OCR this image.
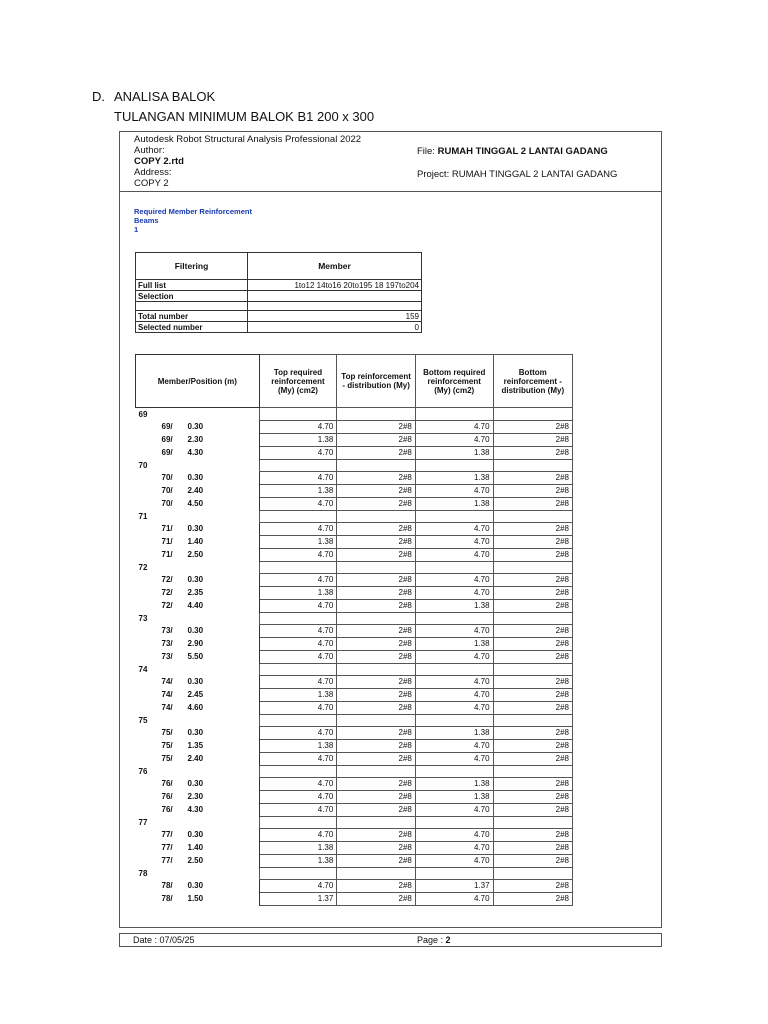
D. ANALISA BALOK
TULANGAN MINIMUM BALOK B1 200 x 300
Autodesk Robot Structural Analysis Professional 2022
Author:
COPY 2.rtd
Address:
COPY 2
File: RUMAH TINGGAL 2 LANTAI GADANG
Project: RUMAH TINGGAL 2 LANTAI GADANG
Required Member Reinforcement
Beams
1
Filtering	Member
Full list	1to12 14to16 20to195 18 197to204
Selection	

Total number	159
Selected number	0
Member/Position (m)	Top required reinforcement (My) (cm2)	Top reinforcement - distribution (My)	Bottom required reinforcement (My) (cm2)	Bottom reinforcement - distribution (My)
69				
69/ 0.30	4.70	2#8	4.70	2#8
69/ 2.30	1.38	2#8	4.70	2#8
69/ 4.30	4.70	2#8	1.38	2#8
70				
70/ 0.30	4.70	2#8	1.38	2#8
70/ 2.40	1.38	2#8	4.70	2#8
70/ 4.50	4.70	2#8	1.38	2#8
71				
71/ 0.30	4.70	2#8	4.70	2#8
71/ 1.40	1.38	2#8	4.70	2#8
71/ 2.50	4.70	2#8	4.70	2#8
72				
72/ 0.30	4.70	2#8	4.70	2#8
72/ 2.35	1.38	2#8	4.70	2#8
72/ 4.40	4.70	2#8	1.38	2#8
73				
73/ 0.30	4.70	2#8	4.70	2#8
73/ 2.90	4.70	2#8	1.38	2#8
73/ 5.50	4.70	2#8	4.70	2#8
74				
74/ 0.30	4.70	2#8	4.70	2#8
74/ 2.45	1.38	2#8	4.70	2#8
74/ 4.60	4.70	2#8	4.70	2#8
75				
75/ 0.30	4.70	2#8	1.38	2#8
75/ 1.35	1.38	2#8	4.70	2#8
75/ 2.40	4.70	2#8	4.70	2#8
76				
76/ 0.30	4.70	2#8	1.38	2#8
76/ 2.30	4.70	2#8	1.38	2#8
76/ 4.30	4.70	2#8	4.70	2#8
77				
77/ 0.30	4.70	2#8	4.70	2#8
77/ 1.40	1.38	2#8	4.70	2#8
77/ 2.50	1.38	2#8	4.70	2#8
78				
78/ 0.30	4.70	2#8	1.37	2#8
78/ 1.50	1.37	2#8	4.70	2#8
Date : 07/05/25	Page : 2
